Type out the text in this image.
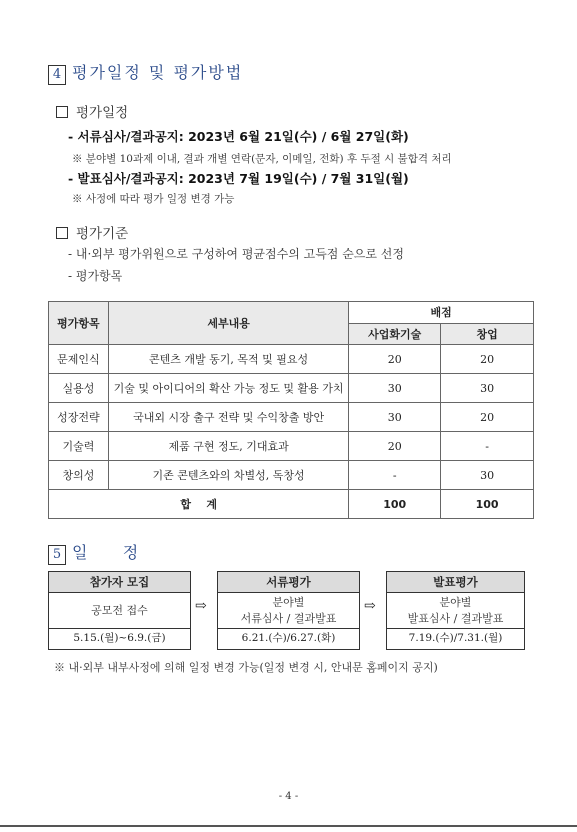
4 평가일정 및 평가방법
평가일정
- 서류심사/결과공지: 2023년 6월 21일(수) / 6월 27일(화)
※ 분야별 10과제 이내, 결과 개별 연락(문자, 이메일, 전화) 후 두절 시 불합격 처리
- 발표심사/결과공지: 2023년 7월 19일(수) / 7월 31일(월)
※ 사정에 따라 평가 일정 변경 가능
평가기준
- 내·외부 평가위원으로 구성하여 평균점수의 고득점 순으로 선정
- 평가항목
평가항목	세부내용	배점	
		사업화기술	창업
문제인식	콘텐츠 개발 동기, 목적 및 필요성	20	20
실용성	기술 및 아이디어의 확산 가능 정도 및 활용 가치	30	30
성장전략	국내외 시장 출구 전략 및 수익창출 방안	30	20
기술력	제품 구현 정도, 기대효과	20	-
창의성	기존 콘텐츠와의 차별성, 독창성	-	30
합    계		100	100
5 일    정
참가자 모집
공모전 접수
5.15.(월)~6.9.(금)
⇨
서류평가
분야별
서류심사 / 결과발표
6.21.(수)/6.27.(화)
⇨
발표평가
분야별
발표심사 / 결과발표
7.19.(수)/7.31.(월)
※ 내·외부 내부사정에 의해 일정 변경 가능(일정 변경 시, 안내문 홈페이지 공지)
- 4 -
